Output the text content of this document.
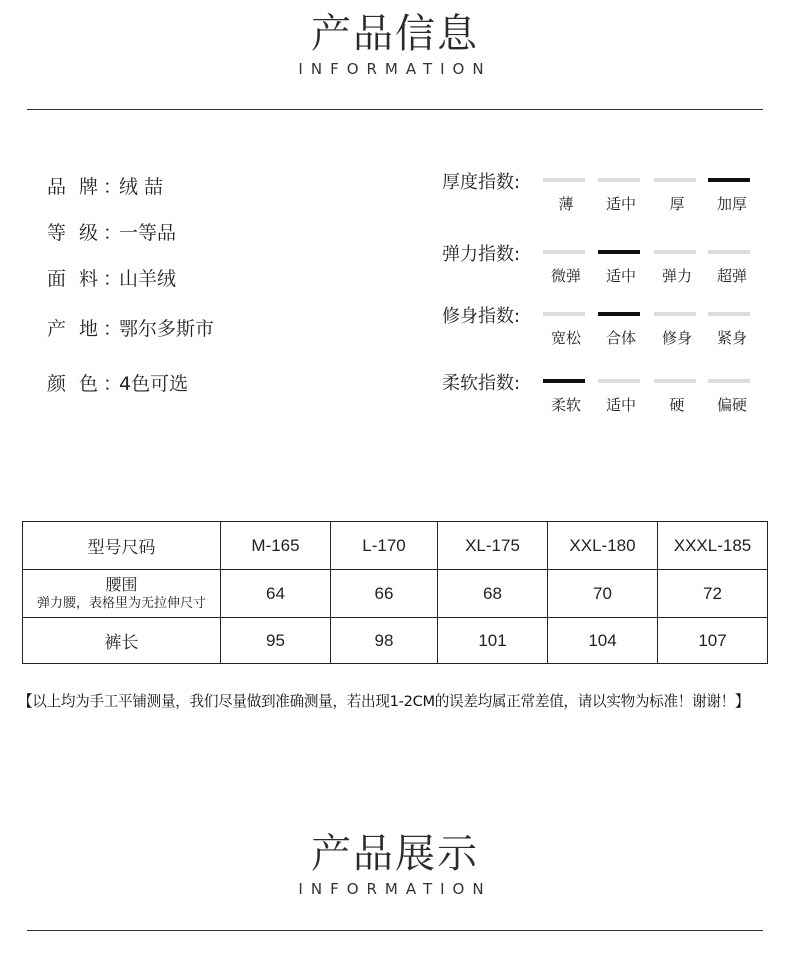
产品信息
INFORMATION
品 牌 ：绒 喆
等 级 ：一等品
面 料 ：山羊绒
产 地 ：鄂尔多斯市
颜 色 ：4色可选
厚度指数:
薄	适中	厚	加厚
弹力指数:
微弹	适中	弹力	超弹
修身指数:
宽松	合体	修身	紧身
柔软指数:
柔软	适中	硬	偏硬
型号尺码	M-165	L-170	XL-175	XXL-180	XXXL-185

腰围
弹力腰，表格里为无拉伸尺寸	64	66	68	70	72
裤长	95	98	101	104	107
【以上均为手工平铺测量，我们尽量做到准确测量，若出现1-2CM的误差均属正常差值，请以实物为标准！谢谢！】
产品展示
INFORMATION
